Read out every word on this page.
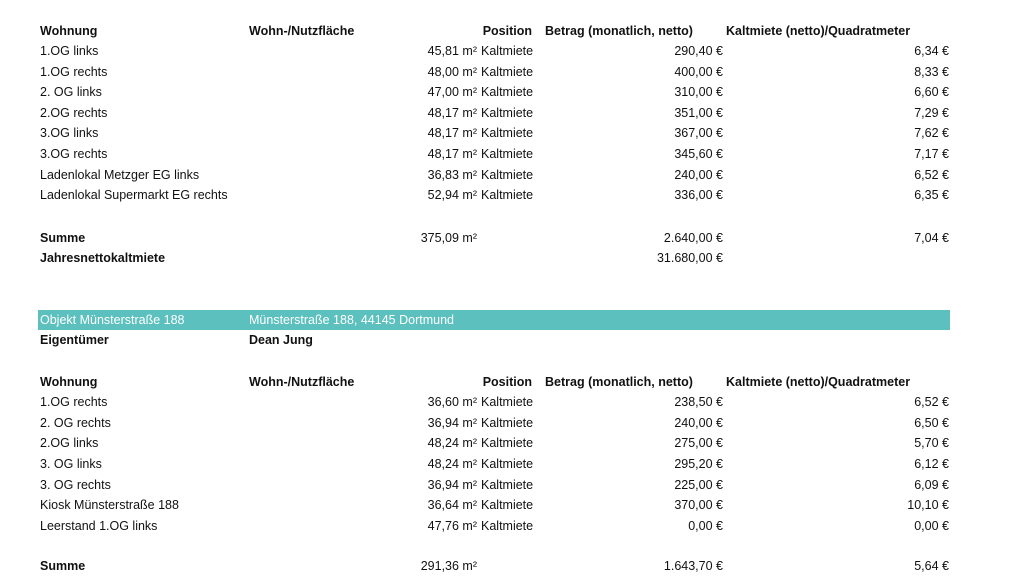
Wohnung	Wohn-/Nutzfläche	Position Betrag (monatlich, netto)	Kaltmiete (netto)/Quadratmeter
1.OG links	45,81 m² Kaltmiete	290,40 €	6,34 €
1.OG rechts	48,00 m² Kaltmiete	400,00 €	8,33 €
2. OG links	47,00 m² Kaltmiete	310,00 €	6,60 €
2.OG rechts	48,17 m² Kaltmiete	351,00 €	7,29 €
3.OG links	48,17 m² Kaltmiete	367,00 €	7,62 €
3.OG rechts	48,17 m² Kaltmiete	345,60 €	7,17 €
Ladenlokal Metzger EG links	36,83 m² Kaltmiete	240,00 €	6,52 €
Ladenlokal Supermarkt EG rechts	52,94 m² Kaltmiete	336,00 €	6,35 €
Summe	375,09 m²	2.640,00 €	7,04 €
Jahresnettokaltmiete	31.680,00 €
Objekt Münsterstraße 188	Münsterstraße 188, 44145 Dortmund
Eigentümer	Dean Jung
Wohnung	Wohn-/Nutzfläche	Position Betrag (monatlich, netto)	Kaltmiete (netto)/Quadratmeter
1.OG rechts	36,60 m² Kaltmiete	238,50 €	6,52 €
2. OG rechts	36,94 m² Kaltmiete	240,00 €	6,50 €
2.OG links	48,24 m² Kaltmiete	275,00 €	5,70 €
3. OG links	48,24 m² Kaltmiete	295,20 €	6,12 €
3. OG rechts	36,94 m² Kaltmiete	225,00 €	6,09 €
Kiosk Münsterstraße 188	36,64 m² Kaltmiete	370,00 €	10,10 €
Leerstand 1.OG links	47,76 m² Kaltmiete	0,00 €	0,00 €
Summe	291,36 m²	1.643,70 €	5,64 €
